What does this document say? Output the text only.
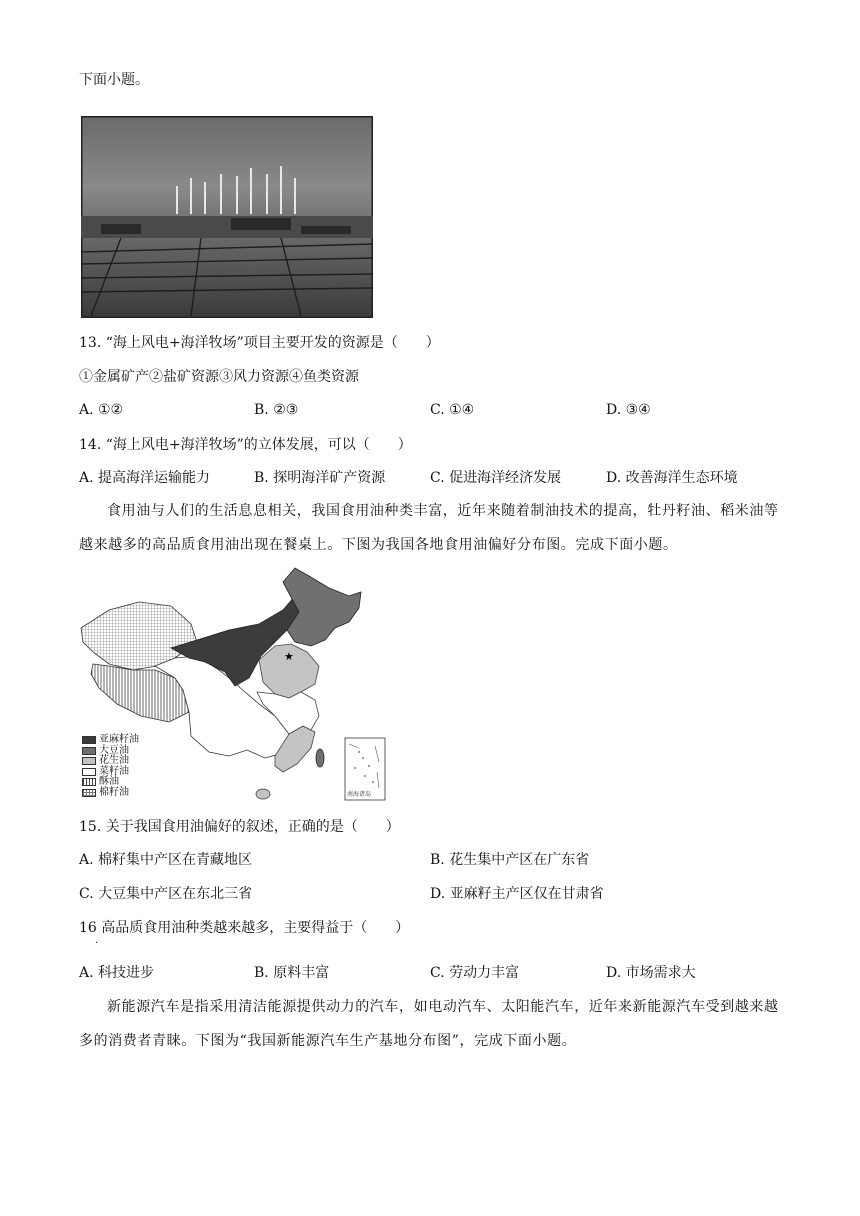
下面小题。
13. “海上风电+海洋牧场”项目主要开发的资源是（　　）
①金属矿产②盐矿资源③风力资源④鱼类资源
A. ①②	B. ②③	C. ①④	D. ③④
14. “海上风电+海洋牧场”的立体发展，可以（　　）
A. 提高海洋运输能力	B. 探明海洋矿产资源	C. 促进海洋经济发展	D. 改善海洋生态环境
食用油与人们的生活息息相关，我国食用油种类丰富，近年来随着制油技术的提高，牡丹籽油、稻米油等越来越多的高品质食用油出现在餐桌上。下图为我国各地食用油偏好分布图。完成下面小题。
★
南海诸岛
亚麻籽油
大豆油
花生油
菜籽油
酥油
棉籽油
15. 关于我国食用油偏好的叙述，正确的是（　　）
A. 棉籽集中产区在青藏地区	B. 花生集中产区在广东省
C. 大豆集中产区在东北三省	D. 亚麻籽主产区仅在甘肃省
16 高品质食用油种类越来越多，主要得益于（　　）
·
A. 科技进步	B. 原料丰富	C. 劳动力丰富	D. 市场需求大
新能源汽车是指采用清洁能源提供动力的汽车，如电动汽车、太阳能汽车，近年来新能源汽车受到越来越多的消费者青睐。下图为“我国新能源汽车生产基地分布图”，完成下面小题。
